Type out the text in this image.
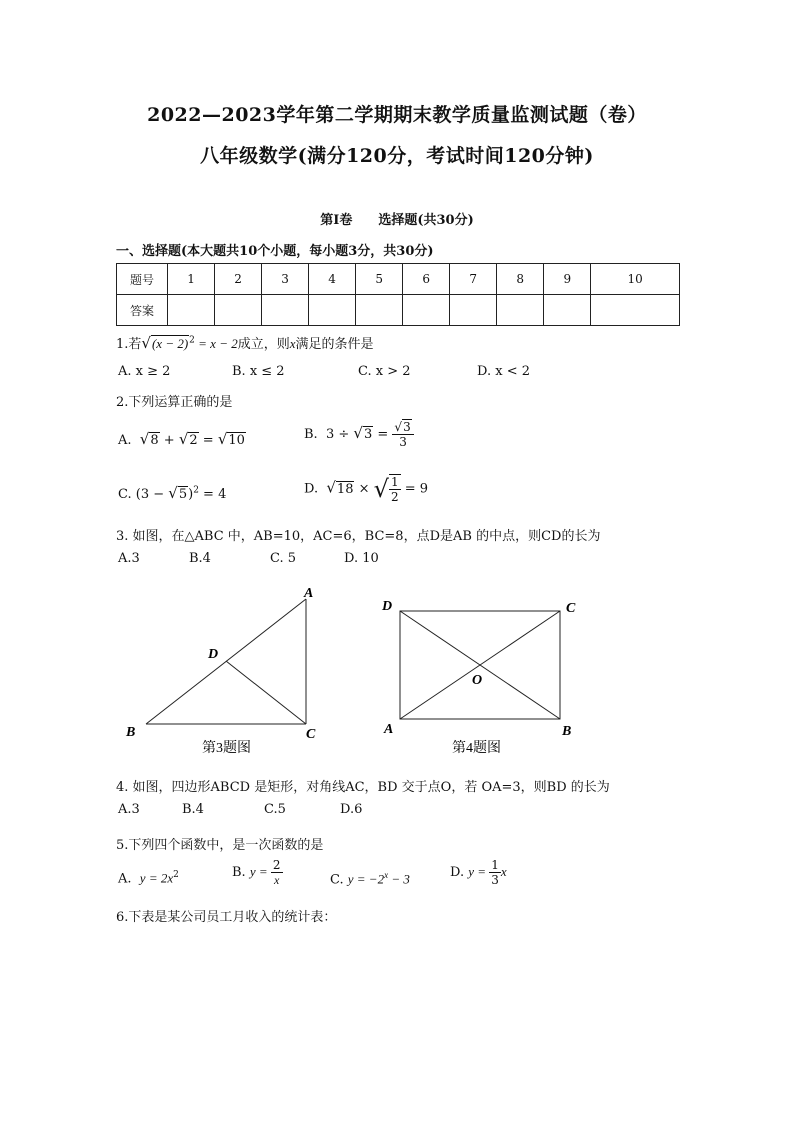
2022—2023学年第二学期期末教学质量监测试题（卷）
八年级数学(满分120分，考试时间120分钟)
第Ⅰ卷　　选择题(共30分)
一、选择题(本大题共10个小题，每小题3分，共30分)
题号	1	2	3	4	5	6	7	8	9	10
答案										
1.若$√(x - 2)^2 = x - 2$成立，则x满足的条件是
A. x ≥ 2	B. x ≤ 2	C. x > 2	D. x < 2
2.下列运算正确的是
A. √8 + √2 = √10	B. $3 \div √3 = \frac{√3}{3}$
C. $(3 - √5)^2 = 4$	D. √18 × √ $\frac{1}{2} = 9$
3. 如图，在△ABC 中，AB=10，AC=6，BC=8，点D是AB 的中点，则CD的长为
A.3	B.4	C. 5	D. 10
A
B	C
D
第3题图
D	C
A	B
O
第4题图
4. 如图，四边形ABCD 是矩形，对角线AC，BD 交于点O，若 OA=3，则BD 的长为
A.3	B.4	C.5	D.6
5.下列四个函数中，是一次函数的是
A. $y = 2x^2$	B. $y = \frac{2}{x}$	C. $y = -2^x - 3$	D. $y = \frac{1}{3}$ x
6.下表是某公司员工月收入的统计表：
